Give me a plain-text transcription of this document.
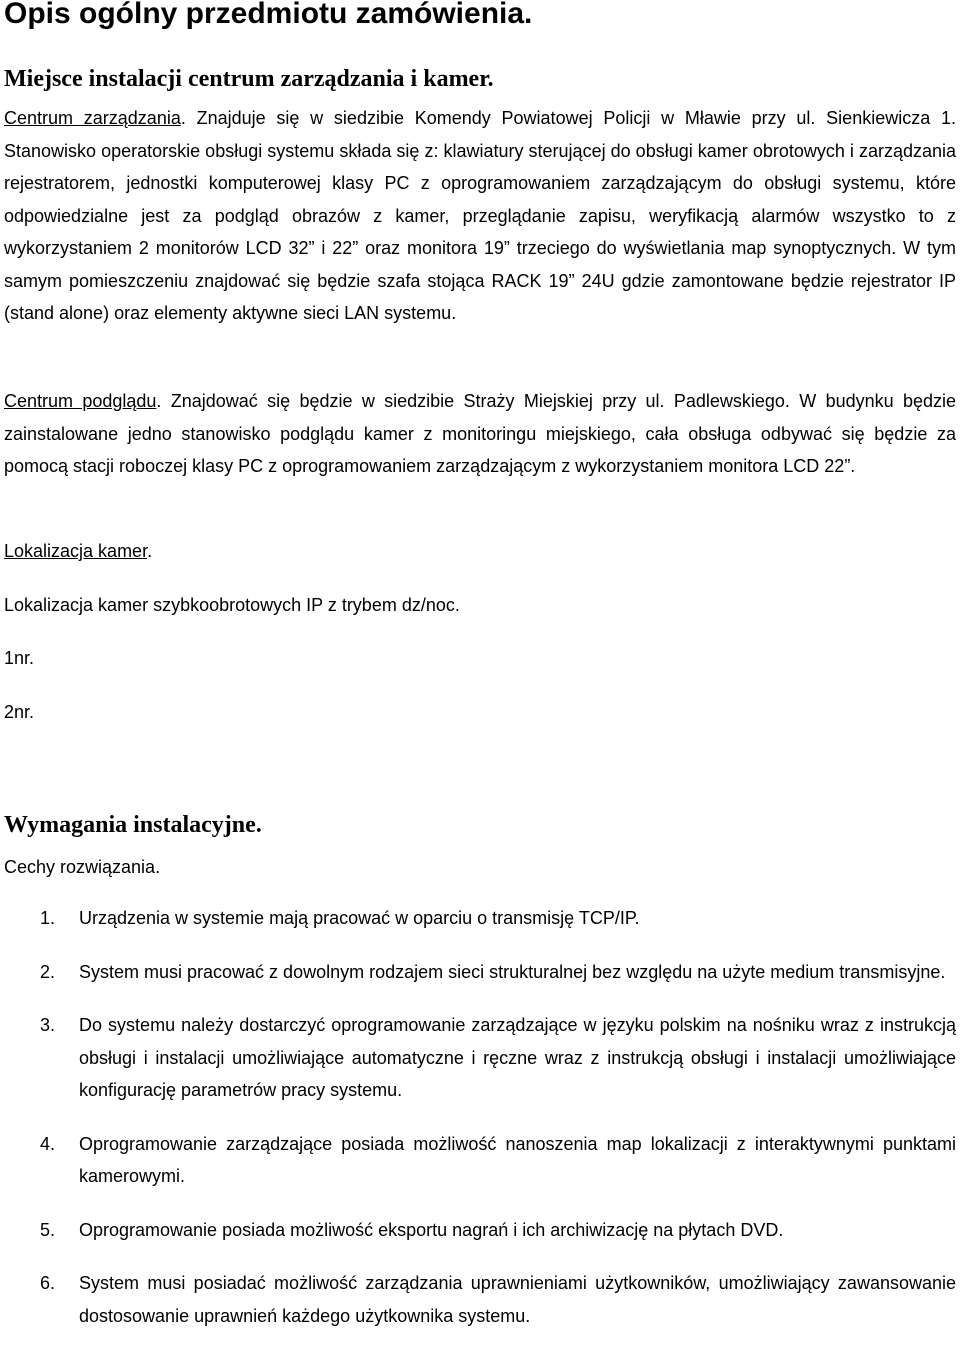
Opis ogólny przedmiotu zamówienia.
Miejsce instalacji centrum zarządzania i kamer.

Centrum zarządzania. Znajduje się w siedzibie Komendy Powiatowej Policji w Mławie przy ul. Sienkiewicza 1. Stanowisko operatorskie obsługi systemu składa się z: klawiatury sterującej do obsługi kamer obrotowych i zarządzania rejestratorem, jednostki komputerowej klasy PC z oprogramowaniem zarządzającym do obsługi systemu, które odpowiedzialne jest za podgląd obrazów z kamer, przeglądanie zapisu, weryfikacją alarmów wszystko to z wykorzystaniem 2 monitorów LCD 32” i 22” oraz monitora 19” trzeciego do wyświetlania map synoptycznych. W tym samym pomieszczeniu znajdować się będzie szafa stojąca RACK 19” 24U gdzie zamontowane będzie rejestrator IP (stand alone) oraz elementy aktywne sieci LAN systemu.

Centrum podglądu. Znajdować się będzie w siedzibie Straży Miejskiej przy ul. Padlewskiego. W budynku będzie zainstalowane jedno stanowisko podglądu kamer z monitoringu miejskiego, cała obsługa odbywać się będzie za pomocą stacji roboczej klasy PC z oprogramowaniem zarządzającym z wykorzystaniem monitora LCD 22”.

Lokalizacja kamer.

Lokalizacja kamer szybkoobrotowych IP z trybem dz/noc.

1nr.

2nr.

Wymagania instalacyjne.

Cechy rozwiązania.

1. Urządzenia w systemie mają pracować w oparciu o transmisję TCP/IP.
2. System musi pracować z dowolnym rodzajem sieci strukturalnej bez względu na użyte medium transmisyjne.
3. Do systemu należy dostarczyć oprogramowanie zarządzające w języku polskim na nośniku wraz z instrukcją obsługi i instalacji umożliwiające automatyczne i ręczne wraz z instrukcją obsługi i instalacji umożliwiające konfigurację parametrów pracy systemu.
4. Oprogramowanie zarządzające posiada możliwość nanoszenia map lokalizacji z interaktywnymi punktami kamerowymi.
5. Oprogramowanie posiada możliwość eksportu nagrań i ich archiwizację na płytach DVD.
6. System musi posiadać możliwość zarządzania uprawnieniami użytkowników, umożliwiający zawansowanie dostosowanie uprawnień każdego użytkownika systemu.
